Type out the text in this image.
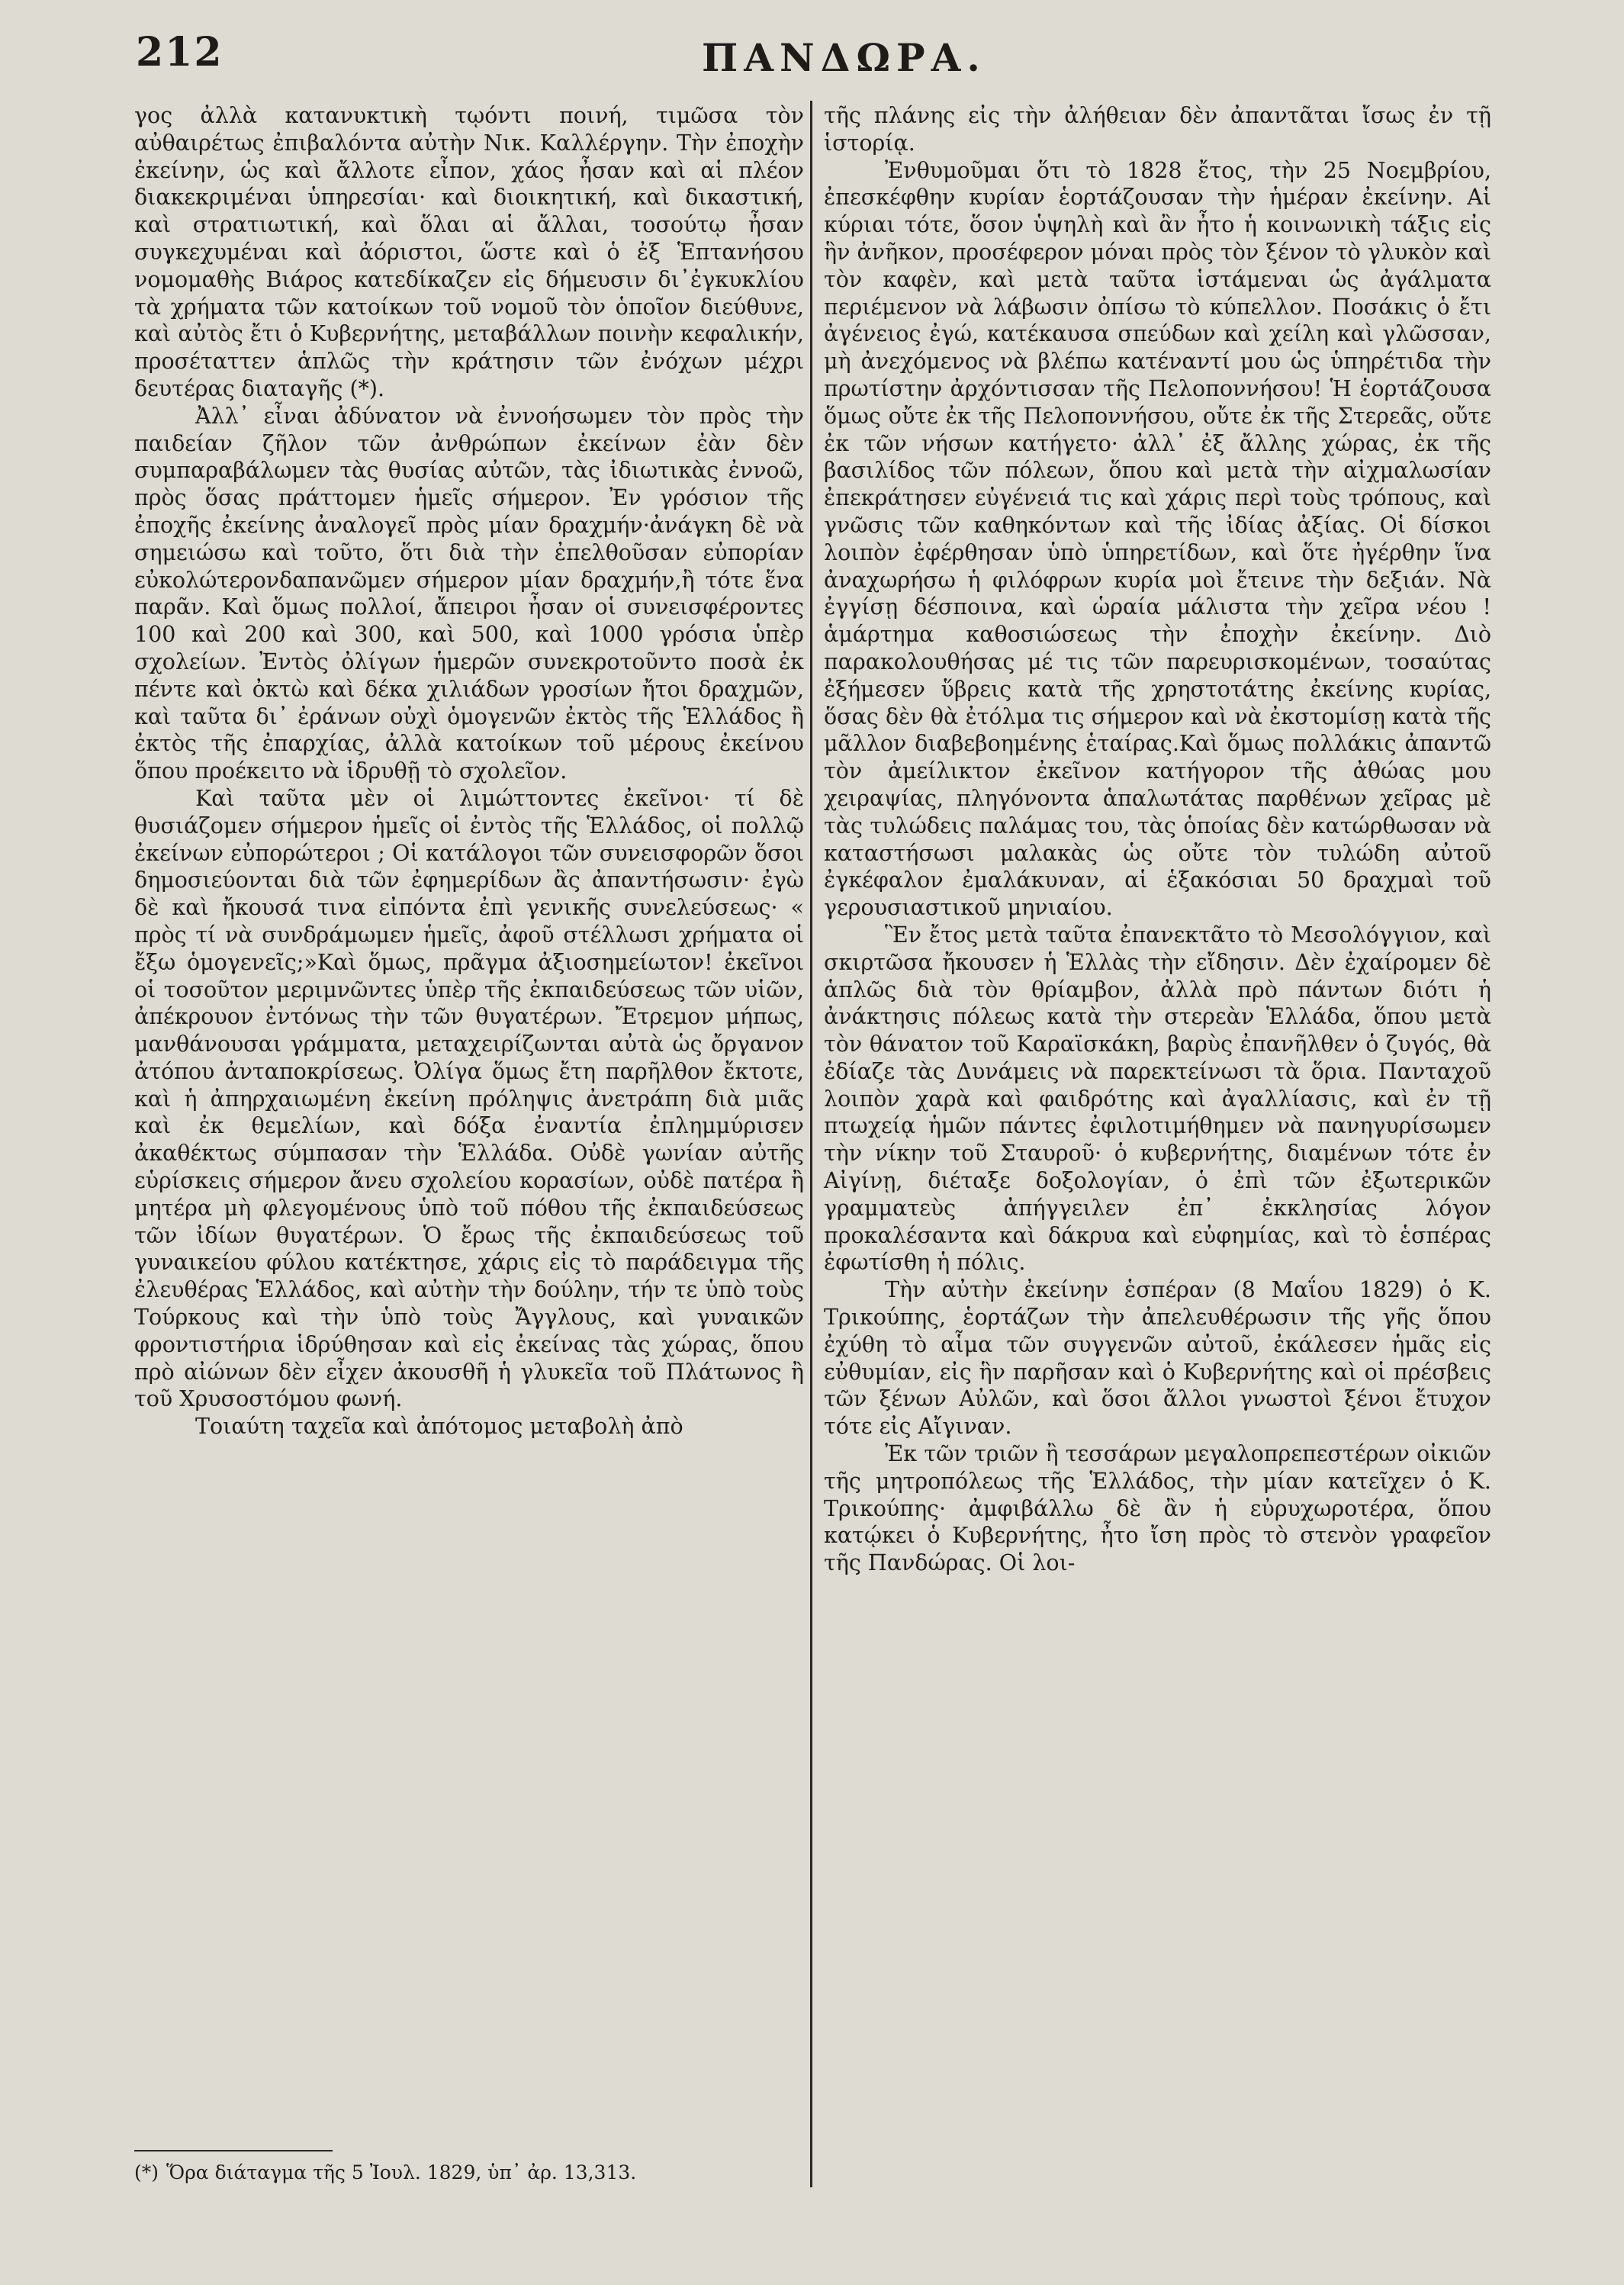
212	ΠΑΝΔΩΡΑ.

γος ἀλλὰ κατανυκτικὴ τῳόντι ποινή, τιμῶσα τὸν αὐθαιρέτως ἐπιβαλόντα αὐτὴν Νικ. Καλλέργην. Τὴν ἐποχὴν ἐκείνην, ὡς καὶ ἄλλοτε εἶπον, χάος ἦσαν καὶ αἱ πλέον διακεκριμέναι ὑπηρεσίαι· καὶ διοικητική, καὶ δικαστική, καὶ στρατιωτική, καὶ ὅλαι αἱ ἄλλαι, τοσούτῳ ἦσαν συγκεχυμέναι καὶ ἀόριστοι, ὥστε καὶ ὁ ἐξ Ἑπτανήσου νομομαθὴς Βιάρος κατεδίκαζεν εἰς δήμευσιν δι᾽ἐγκυκλίου τὰ χρήματα τῶν κατοίκων τοῦ νομοῦ τὸν ὁποῖον διεύθυνε, καὶ αὐτὸς ἔτι ὁ Κυβερνήτης, μεταβάλλων ποινὴν κεφαλικήν, προσέταττεν ἁπλῶς τὴν κράτησιν τῶν ἐνόχων μέχρι δευτέρας διαταγῆς (*).

Ἀλλ᾽ εἶναι ἀδύνατον νὰ ἐννοήσωμεν τὸν πρὸς τὴν παιδείαν ζῆλον τῶν ἀνθρώπων ἐκείνων ἐὰν δὲν συμπαραβάλωμεν τὰς θυσίας αὐτῶν, τὰς ἰδιωτικὰς ἐννοῶ, πρὸς ὅσας πράττομεν ἡμεῖς σήμερον. Ἐν γρόσιον τῆς ἐποχῆς ἐκείνης ἀναλογεῖ πρὸς μίαν δραχμήν·ἀνάγκη δὲ νὰ σημειώσω καὶ τοῦτο, ὅτι διὰ τὴν ἐπελθοῦσαν εὐπορίαν εὐκολώτερονδαπανῶμεν σήμερον μίαν δραχμήν,ἢ τότε ἕνα παρᾶν. Καὶ ὅμως πολλοί, ἄπειροι ἦσαν οἱ συνεισφέροντες 100 καὶ 200 καὶ 300, καὶ 500, καὶ 1000 γρόσια ὑπὲρ σχολείων. Ἐντὸς ὀλίγων ἡμερῶν συνεκροτοῦντο ποσὰ ἐκ πέντε καὶ ὀκτὼ καὶ δέκα χιλιάδων γροσίων ἤτοι δραχμῶν, καὶ ταῦτα δι᾽ ἐράνων οὐχὶ ὁμογενῶν ἐκτὸς τῆς Ἑλλάδος ἢ ἐκτὸς τῆς ἐπαρχίας, ἀλλὰ κατοίκων τοῦ μέρους ἐκείνου ὅπου προέκειτο νὰ ἱδρυθῇ τὸ σχολεῖον.

Καὶ ταῦτα μὲν οἱ λιμώττοντες ἐκεῖνοι· τί δὲ θυσιάζομεν σήμερον ἡμεῖς οἱ ἐντὸς τῆς Ἑλλάδος, οἱ πολλῷ ἐκείνων εὐπορώτεροι ; Οἱ κατάλογοι τῶν συνεισφορῶν ὅσοι δημοσιεύονται διὰ τῶν ἐφημερίδων ἂς ἀπαντήσωσιν· ἐγὼ δὲ καὶ ἤκουσά τινα εἰπόντα ἐπὶ γενικῆς συνελεύσεως· « πρὸς τί νὰ συνδράμωμεν ἡμεῖς, ἀφοῦ στέλλωσι χρήματα οἱ ἔξω ὁμογενεῖς;»Καὶ ὅμως, πρᾶγμα ἀξιοσημείωτον! ἐκεῖνοι οἱ τοσοῦτον μεριμνῶντες ὑπὲρ τῆς ἐκπαιδεύσεως τῶν υἱῶν, ἀπέκρουον ἐντόνως τὴν τῶν θυγατέρων. Ἔτρεμον μήπως, μανθάνουσαι γράμματα, μεταχειρίζωνται αὐτὰ ὡς ὄργανον ἀτόπου ἀνταποκρίσεως. Ὀλίγα ὅμως ἔτη παρῆλθον ἔκτοτε, καὶ ἡ ἀπηρχαιωμένη ἐκείνη πρόληψις ἀνετράπη διὰ μιᾶς καὶ ἐκ θεμελίων, καὶ δόξα ἐναντία ἐπλημμύρισεν ἀκαθέκτως σύμπασαν τὴν Ἑλλάδα. Οὐδὲ γωνίαν αὐτῆς εὑρίσκεις σήμερον ἄνευ σχολείου κορασίων, οὐδὲ πατέρα ἢ μητέρα μὴ φλεγομένους ὑπὸ τοῦ πόθου τῆς ἐκπαιδεύσεως τῶν ἰδίων θυγατέρων. Ὁ ἔρως τῆς ἐκπαιδεύσεως τοῦ γυναικείου φύλου κατέκτησε, χάρις εἰς τὸ παράδειγμα τῆς ἐλευθέρας Ἑλλάδος, καὶ αὐτὴν τὴν δούλην, τήν τε ὑπὸ τοὺς Τούρκους καὶ τὴν ὑπὸ τοὺς Ἄγγλους, καὶ γυναικῶν φροντιστήρια ἱδρύθησαν καὶ εἰς ἐκείνας τὰς χώρας, ὅπου πρὸ αἰώνων δὲν εἶχεν ἀκουσθῆ ἡ γλυκεῖα τοῦ Πλάτωνος ἢ τοῦ Χρυσοστόμου φωνή.

Τοιαύτη ταχεῖα καὶ ἀπότομος μεταβολὴ ἀπὸ

τῆς πλάνης εἰς τὴν ἀλήθειαν δὲν ἀπαντᾶται ἴσως ἐν τῇ ἱστορίᾳ.

Ἐνθυμοῦμαι ὅτι τὸ 1828 ἔτος, τὴν 25 Νοεμβρίου, ἐπεσκέφθην κυρίαν ἑορτάζουσαν τὴν ἡμέραν ἐκείνην. Αἱ κύριαι τότε, ὅσον ὑψηλὴ καὶ ἂν ἦτο ἡ κοινωνικὴ τάξις εἰς ἣν ἀνῆκον, προσέφερον μόναι πρὸς τὸν ξένον τὸ γλυκὸν καὶ τὸν καφὲν, καὶ μετὰ ταῦτα ἱστάμεναι ὡς ἀγάλματα περιέμενον νὰ λάβωσιν ὀπίσω τὸ κύπελλον. Ποσάκις ὁ ἔτι ἀγένειος ἐγώ, κατέκαυσα σπεύδων καὶ χείλη καὶ γλῶσσαν, μὴ ἀνεχόμενος νὰ βλέπω κατέναντί μου ὡς ὑπηρέτιδα τὴν πρωτίστην ἀρχόντισσαν τῆς Πελοποννήσου! Ἡ ἑορτάζουσα ὅμως οὔτε ἐκ τῆς Πελοποννήσου, οὔτε ἐκ τῆς Στερεᾶς, οὔτε ἐκ τῶν νήσων κατήγετο· ἀλλ᾽ ἐξ ἄλλης χώρας, ἐκ τῆς βασιλίδος τῶν πόλεων, ὅπου καὶ μετὰ τὴν αἰχμαλωσίαν ἐπεκράτησεν εὐγένειά τις καὶ χάρις περὶ τοὺς τρόπους, καὶ γνῶσις τῶν καθηκόντων καὶ τῆς ἰδίας ἀξίας. Οἱ δίσκοι λοιπὸν ἐφέρθησαν ὑπὸ ὑπηρετίδων, καὶ ὅτε ἠγέρθην ἵνα ἀναχωρήσω ἡ φιλόφρων κυρία μοὶ ἔτεινε τὴν δεξιάν. Νὰ ἐγγίσῃ δέσποινα, καὶ ὡραία μάλιστα τὴν χεῖρα νέου ! ἁμάρτημα καθοσιώσεως τὴν ἐποχὴν ἐκείνην. Διὸ παρακολουθήσας μέ τις τῶν παρευρισκομένων, τοσαύτας ἐξήμεσεν ὕβρεις κατὰ τῆς χρηστοτάτης ἐκείνης κυρίας, ὅσας δὲν θὰ ἐτόλμα τις σήμερον καὶ νὰ ἐκστομίσῃ κατὰ τῆς μᾶλλον διαβεβοημένης ἑταίρας.Καὶ ὅμως πολλάκις ἀπαντῶ τὸν ἀμείλικτον ἐκεῖνον κατήγορον τῆς ἀθώας μου χειραψίας, πληγόνοντα ἁπαλωτάτας παρθένων χεῖρας μὲ τὰς τυλώδεις παλάμας του, τὰς ὁποίας δὲν κατώρθωσαν νὰ καταστήσωσι μαλακὰς ὡς οὔτε τὸν τυλώδη αὐτοῦ ἐγκέφαλον ἐμαλάκυναν, αἱ ἑξακόσιαι 50 δραχμαὶ τοῦ γερουσιαστικοῦ μηνιαίου.

Ἓν ἔτος μετὰ ταῦτα ἐπανεκτᾶτο τὸ Μεσολόγγιον, καὶ σκιρτῶσα ἤκουσεν ἡ Ἑλλὰς τὴν εἴδησιν. Δὲν ἐχαίρομεν δὲ ἁπλῶς διὰ τὸν θρίαμβον, ἀλλὰ πρὸ πάντων διότι ἡ ἀνάκτησις πόλεως κατὰ τὴν στερεὰν Ἑλλάδα, ὅπου μετὰ τὸν θάνατον τοῦ Καραϊσκάκη, βαρὺς ἐπανῆλθεν ὁ ζυγός, θὰ ἐδίαζε τὰς Δυνάμεις νὰ παρεκτείνωσι τὰ ὅρια. Πανταχοῦ λοιπὸν χαρὰ καὶ φαιδρότης καὶ ἀγαλλίασις, καὶ ἐν τῇ πτωχείᾳ ἡμῶν πάντες ἐφιλοτιμήθημεν νὰ πανηγυρίσωμεν τὴν νίκην τοῦ Σταυροῦ· ὁ κυβερνήτης, διαμένων τότε ἐν Αἰγίνῃ, διέταξε δοξολογίαν, ὁ ἐπὶ τῶν ἐξωτερικῶν γραμματεὺς ἀπήγγειλεν ἐπ᾽ ἐκκλησίας λόγον προκαλέσαντα καὶ δάκρυα καὶ εὐφημίας, καὶ τὸ ἑσπέρας ἐφωτίσθη ἡ πόλις.

Τὴν αὐτὴν ἐκείνην ἑσπέραν (8 Μαΐου 1829) ὁ Κ. Τρικούπης, ἑορτάζων τὴν ἀπελευθέρωσιν τῆς γῆς ὅπου ἐχύθη τὸ αἷμα τῶν συγγενῶν αὐτοῦ, ἐκάλεσεν ἡμᾶς εἰς εὐθυμίαν, εἰς ἣν παρῆσαν καὶ ὁ Κυβερνήτης καὶ οἱ πρέσβεις τῶν ξένων Αὐλῶν, καὶ ὅσοι ἄλλοι γνωστοὶ ξένοι ἔτυχον τότε εἰς Αἴγιναν.

Ἐκ τῶν τριῶν ἢ τεσσάρων μεγαλοπρεπεστέρων οἰκιῶν τῆς μητροπόλεως τῆς Ἑλλάδος, τὴν μίαν κατεῖχεν ὁ Κ. Τρικούπης· ἀμφιβάλλω δὲ ἂν ἡ εὐρυχωροτέρα, ὅπου κατῴκει ὁ Κυβερνήτης, ἦτο ἴση πρὸς τὸ στενὸν γραφεῖον τῆς Πανδώρας. Οἱ λοι-

(*) Ὅρα διάταγμα τῆς 5 Ἰουλ. 1829, ὑπ᾽ ἀρ. 13,313.
